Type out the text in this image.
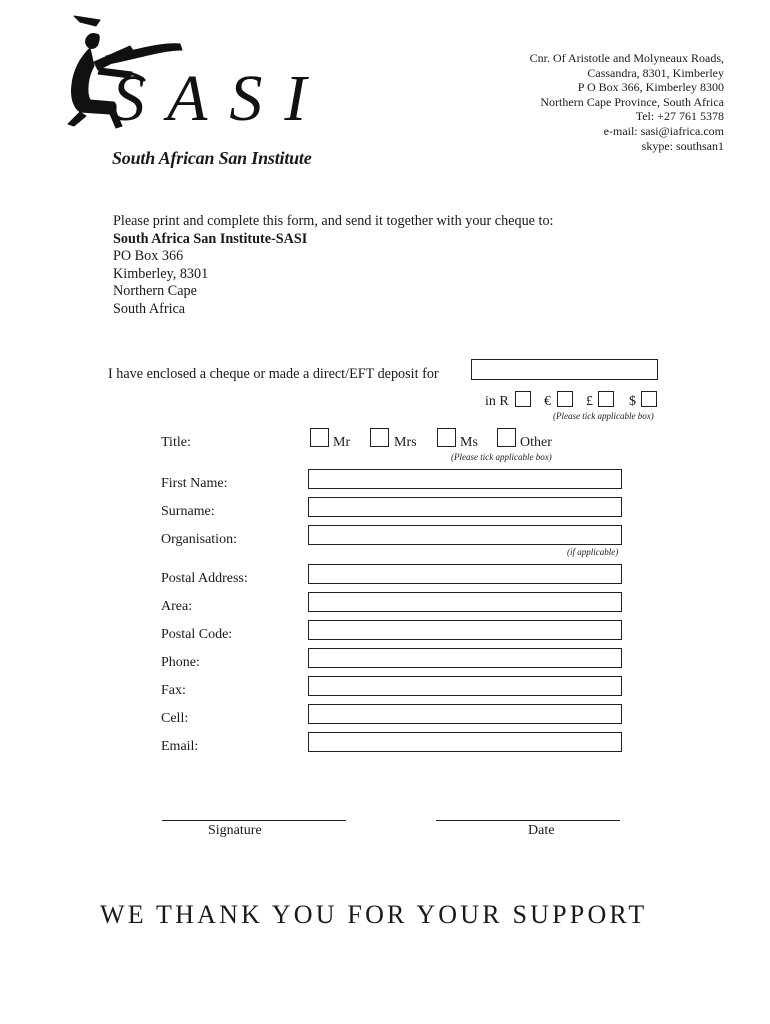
SASI
South African San Institute
Cnr. Of Aristotle and Molyneaux Roads,
Cassandra, 8301, Kimberley
P O Box 366, Kimberley 8300
Northern Cape Province, South Africa
Tel: +27 761 5378
e-mail: sasi@iafrica.com
skype: southsan1
Please print and complete this form, and send it together with your cheque to:
South Africa San Institute-SASI
PO Box 366
Kimberley, 8301
Northern Cape
South Africa
I have enclosed a cheque or made a direct/EFT deposit for
in R	€	£	$
(Please tick applicable box)
Title:	Mr	Mrs	Ms	Other
(Please tick applicable box)
First Name:
Surname:
Organisation:
(if applicable)
Postal Address:
Area:
Postal Code:
Phone:
Fax:
Cell:
Email:
Signature	Date
WE THANK YOU FOR YOUR SUPPORT
